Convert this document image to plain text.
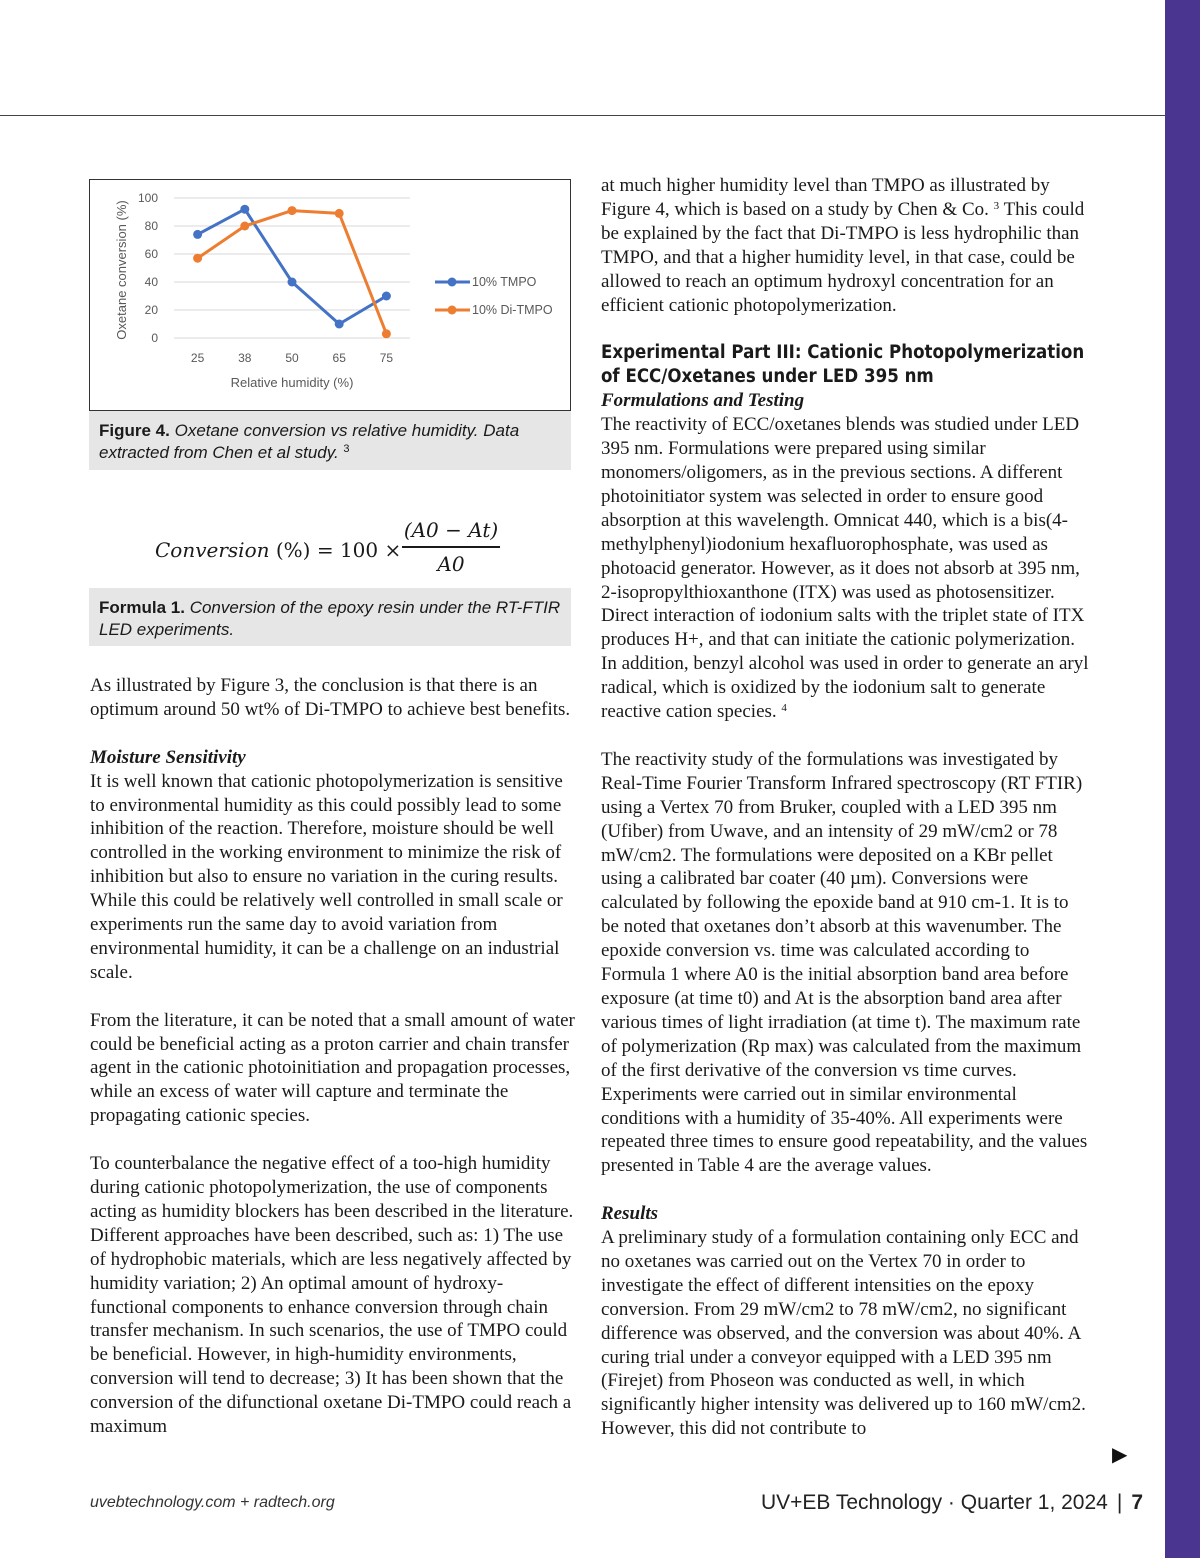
0
20
40
60
80
100
25	38	50	65	75
Relative humidity (%)
Oxetane conversion (%)	10% TMPO
10% Di-TMPO
Figure 4. Oxetane conversion vs relative humidity. Data extracted from Chen et al study. $^3$
Conversion (%) = 100 ×
(A0 − At)
A0
Formula 1. Conversion of the epoxy resin under the RT-FTIR LED experiments.

As illustrated by Figure 3, the conclusion is that there is an optimum around 50 wt% of Di-TMPO to achieve best benefits.

Moisture Sensitivity

It is well known that cationic photopolymerization is sensitive to environmental humidity as this could possibly lead to some inhibition of the reaction. Therefore, moisture should be well controlled in the working environment to minimize the risk of inhibition but also to ensure no variation in the curing results. While this could be relatively well controlled in small scale or experiments run the same day to avoid variation from environmental humidity, it can be a challenge on an industrial scale.

From the literature, it can be noted that a small amount of water could be beneficial acting as a proton carrier and chain transfer agent in the cationic photoinitiation and propagation processes, while an excess of water will capture and terminate the propagating cationic species.

To counterbalance the negative effect of a too-high humidity during cationic photopolymerization, the use of components acting as humidity blockers has been described in the literature. Different approaches have been described, such as: 1) The use of hydrophobic materials, which are less negatively affected by humidity variation; 2) An optimal amount of hydroxy-functional components to enhance conversion through chain transfer mechanism. In such scenarios, the use of TMPO could be beneficial. However, in high-humidity environments, conversion will tend to decrease; 3) It has been shown that the conversion of the difunctional oxetane Di-TMPO could reach a maximum

at much higher humidity level than TMPO as illustrated by Figure 4, which is based on a study by Chen & Co. $^3$ This could be explained by the fact that Di-TMPO is less hydrophilic than TMPO, and that a higher humidity level, in that case, could be allowed to reach an optimum hydroxyl concentration for an efficient cationic photopolymerization.

Experimental Part III: Cationic Photopolymerization of ECC/Oxetanes under LED 395 nm

Formulations and Testing

The reactivity of ECC/oxetanes blends was studied under LED 395 nm. Formulations were prepared using similar monomers/oligomers, as in the previous sections. A different photoinitiator system was selected in order to ensure good absorption at this wavelength. Omnicat 440, which is a bis(4-methylphenyl)iodonium hexafluorophosphate, was used as photoacid generator. However, as it does not absorb at 395 nm, 2-isopropylthioxanthone (ITX) was used as photosensitizer. Direct interaction of iodonium salts with the triplet state of ITX produces H+, and that can initiate the cationic polymerization. In addition, benzyl alcohol was used in order to generate an aryl radical, which is oxidized by the iodonium salt to generate reactive cation species. $^4$

The reactivity study of the formulations was investigated by Real-Time Fourier Transform Infrared spectroscopy (RT FTIR) using a Vertex 70 from Bruker, coupled with a LED 395 nm (Ufiber) from Uwave, and an intensity of 29 mW/cm2 or 78 mW/cm2. The formulations were deposited on a KBr pellet using a calibrated bar coater (40 µm). Conversions were calculated by following the epoxide band at 910 cm-1. It is to be noted that oxetanes don’t absorb at this wavenumber. The epoxide conversion vs. time was calculated according to Formula 1 where A0 is the initial absorption band area before exposure (at time t0) and At is the absorption band area after various times of light irradiation (at time t). The maximum rate of polymerization (Rp max) was calculated from the maximum of the first derivative of the conversion vs time curves. Experiments were carried out in similar environmental conditions with a humidity of 35-40%. All experiments were repeated three times to ensure good repeatability, and the values presented in Table 4 are the average values.

Results

A preliminary study of a formulation containing only ECC and no oxetanes was carried out on the Vertex 70 in order to investigate the effect of different intensities on the epoxy conversion. From 29 mW/cm2 to 78 mW/cm2, no significant difference was observed, and the conversion was about 40%. A curing trial under a conveyor equipped with a LED 395 nm (Firejet) from Phoseon was conducted as well, in which significantly higher intensity was delivered up to 160 mW/cm2. However, this did not contribute to

▶
uvebtechnology.com + radtech.org	UV+EB Technology · Quarter 1, 2024 | 7
